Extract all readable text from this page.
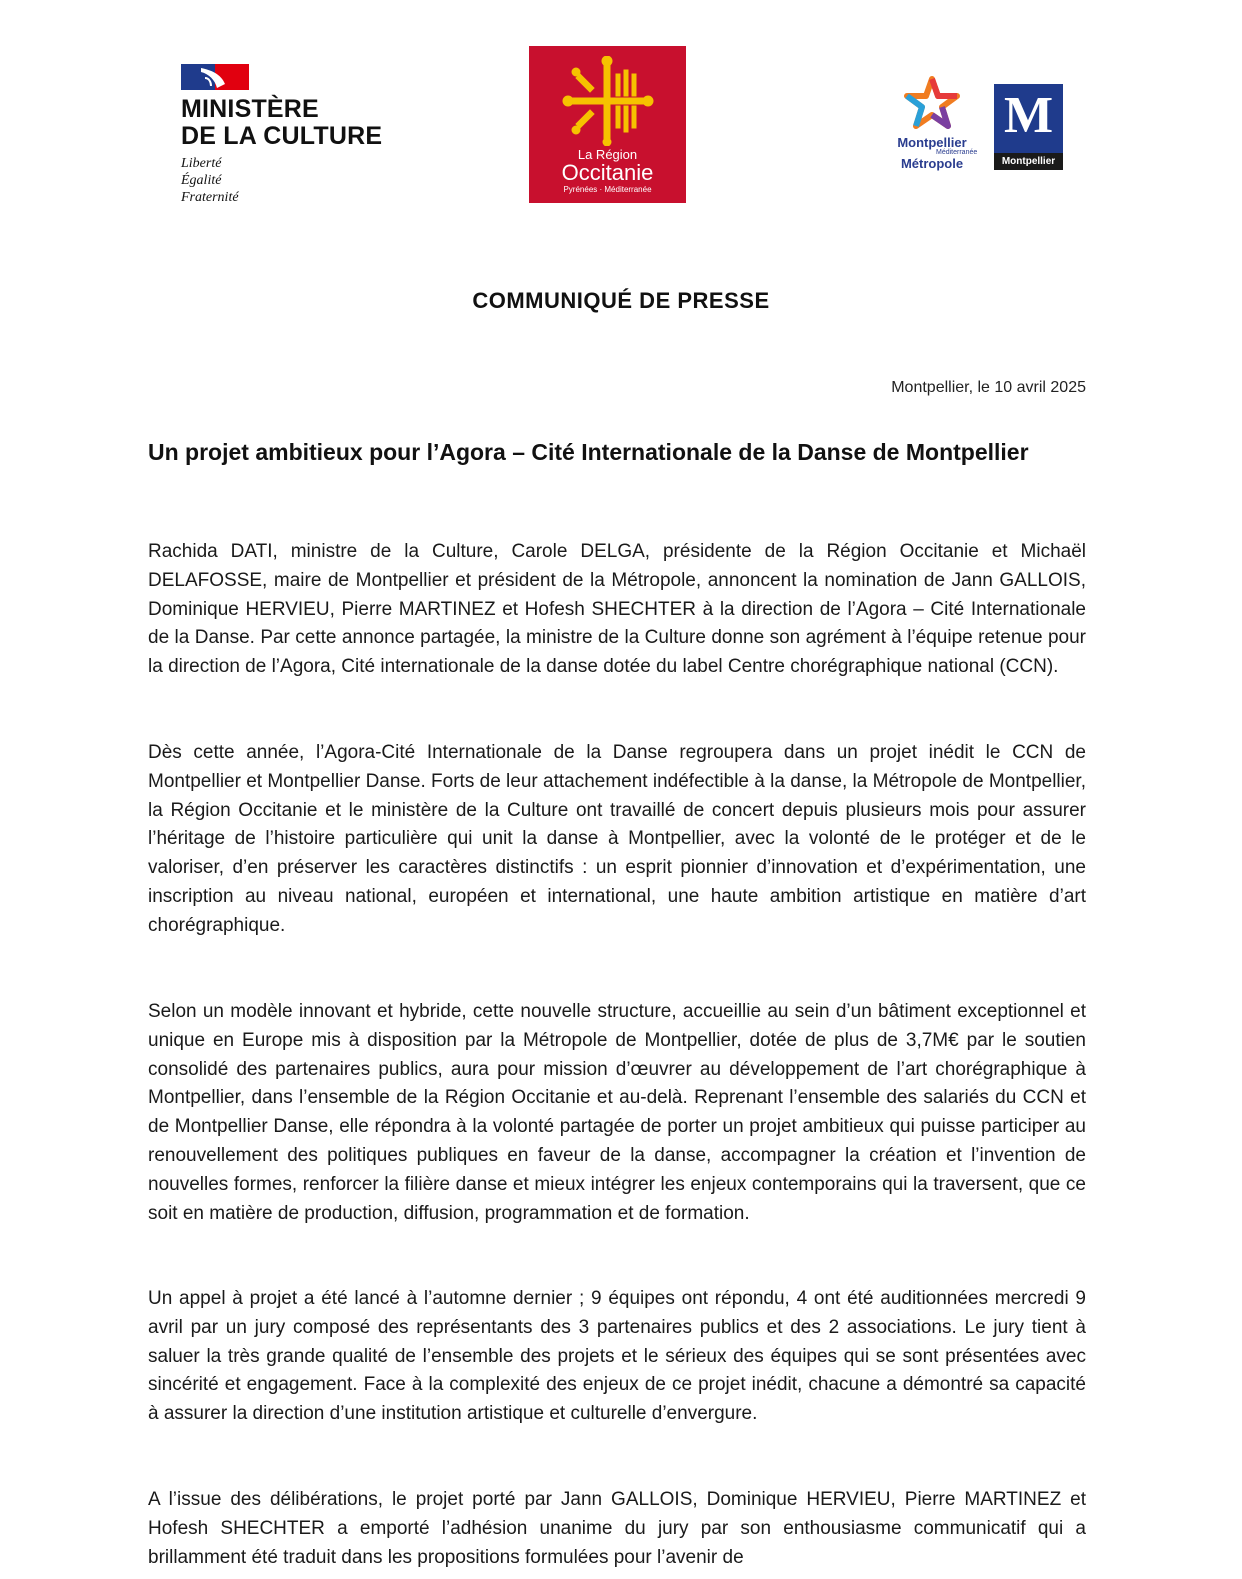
MINISTÈRE
DE LA CULTURE
Liberté
Égalité
Fraternité
La Région
Occitanie
Pyrénées · Méditerranée
Montpellier
Méditerranée
Métropole
M
Montpellier
COMMUNIQUÉ DE PRESSE
Montpellier, le 10 avril 2025
Un projet ambitieux pour l’Agora – Cité Internationale de la Danse de Montpellier

Rachida DATI, ministre de la Culture, Carole DELGA, présidente de la Région Occitanie et Michaël DELAFOSSE, maire de Montpellier et président de la Métropole, annoncent la nomination de Jann GALLOIS, Dominique HERVIEU, Pierre MARTINEZ et Hofesh SHECHTER à la direction de l’Agora – Cité Internationale de la Danse. Par cette annonce partagée, la ministre de la Culture donne son agrément à l’équipe retenue pour la direction de l’Agora, Cité internationale de la danse dotée du label Centre chorégraphique national (CCN).

Dès cette année, l’Agora-Cité Internationale de la Danse regroupera dans un projet inédit le CCN de Montpellier et Montpellier Danse. Forts de leur attachement indéfectible à la danse, la Métropole de Montpellier, la Région Occitanie et le ministère de la Culture ont travaillé de concert depuis plusieurs mois pour assurer l’héritage de l’histoire particulière qui unit la danse à Montpellier, avec la volonté de le protéger et de le valoriser, d’en préserver les caractères distinctifs : un esprit pionnier d’innovation et d’expérimentation, une inscription au niveau national, européen et international, une haute ambition artistique en matière d’art chorégraphique.

Selon un modèle innovant et hybride, cette nouvelle structure, accueillie au sein d’un bâtiment exceptionnel et unique en Europe mis à disposition par la Métropole de Montpellier, dotée de plus de 3,7M€ par le soutien consolidé des partenaires publics, aura pour mission d’œuvrer au développement de l’art chorégraphique à Montpellier, dans l’ensemble de la Région Occitanie et au-delà. Reprenant l’ensemble des salariés du CCN et de Montpellier Danse, elle répondra à la volonté partagée de porter un projet ambitieux qui puisse participer au renouvellement des politiques publiques en faveur de la danse, accompagner la création et l’invention de nouvelles formes, renforcer la filière danse et mieux intégrer les enjeux contemporains qui la traversent, que ce soit en matière de production, diffusion, programmation et de formation.

Un appel à projet a été lancé à l’automne dernier ; 9 équipes ont répondu, 4 ont été auditionnées mercredi 9 avril par un jury composé des représentants des 3 partenaires publics et des 2 associations. Le jury tient à saluer la très grande qualité de l’ensemble des projets et le sérieux des équipes qui se sont présentées avec sincérité et engagement. Face à la complexité des enjeux de ce projet inédit, chacune a démontré sa capacité à assurer la direction d’une institution artistique et culturelle d’envergure.

A l’issue des délibérations, le projet porté par Jann GALLOIS, Dominique HERVIEU, Pierre MARTINEZ et Hofesh SHECHTER a emporté l’adhésion unanime du jury par son enthousiasme communicatif qui a brillamment été traduit dans les propositions formulées pour l’avenir de
